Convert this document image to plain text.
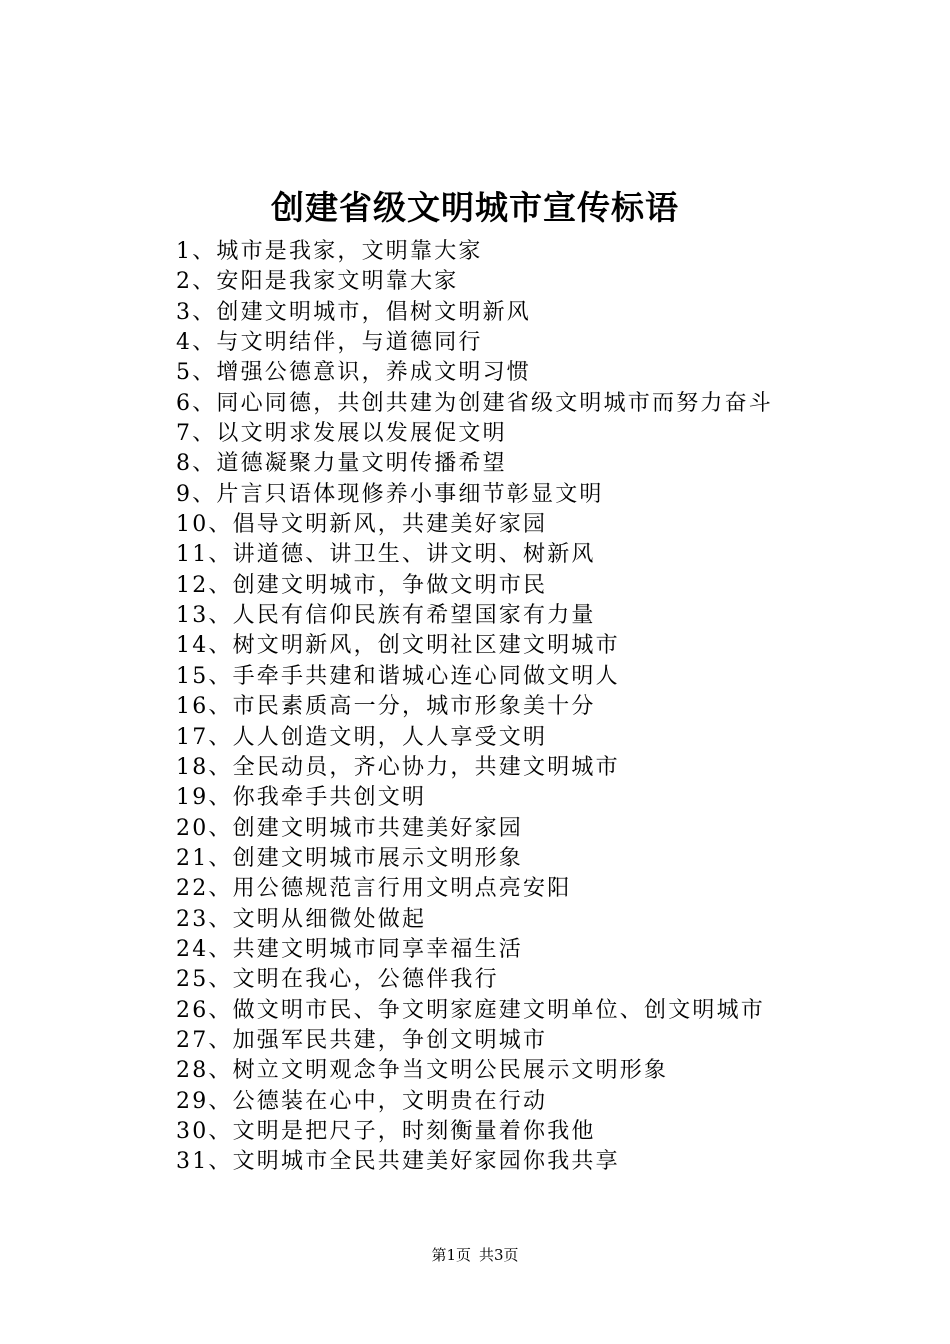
创建省级文明城市宣传标语
1、城市是我家，文明靠大家
2、安阳是我家文明靠大家
3、创建文明城市，倡树文明新风
4、与文明结伴，与道德同行
5、增强公德意识，养成文明习惯
6、同心同德，共创共建为创建省级文明城市而努力奋斗
7、以文明求发展以发展促文明
8、道德凝聚力量文明传播希望
9、片言只语体现修养小事细节彰显文明
10、倡导文明新风，共建美好家园
11、讲道德、讲卫生、讲文明、树新风
12、创建文明城市，争做文明市民
13、人民有信仰民族有希望国家有力量
14、树文明新风，创文明社区建文明城市
15、手牵手共建和谐城心连心同做文明人
16、市民素质高一分，城市形象美十分
17、人人创造文明，人人享受文明
18、全民动员，齐心协力，共建文明城市
19、你我牵手共创文明
20、创建文明城市共建美好家园
21、创建文明城市展示文明形象
22、用公德规范言行用文明点亮安阳
23、文明从细微处做起
24、共建文明城市同享幸福生活
25、文明在我心，公德伴我行
26、做文明市民、争文明家庭建文明单位、创文明城市
27、加强军民共建，争创文明城市
28、树立文明观念争当文明公民展示文明形象
29、公德装在心中，文明贵在行动
30、文明是把尺子，时刻衡量着你我他
31、文明城市全民共建美好家园你我共享
第1页 共3页
